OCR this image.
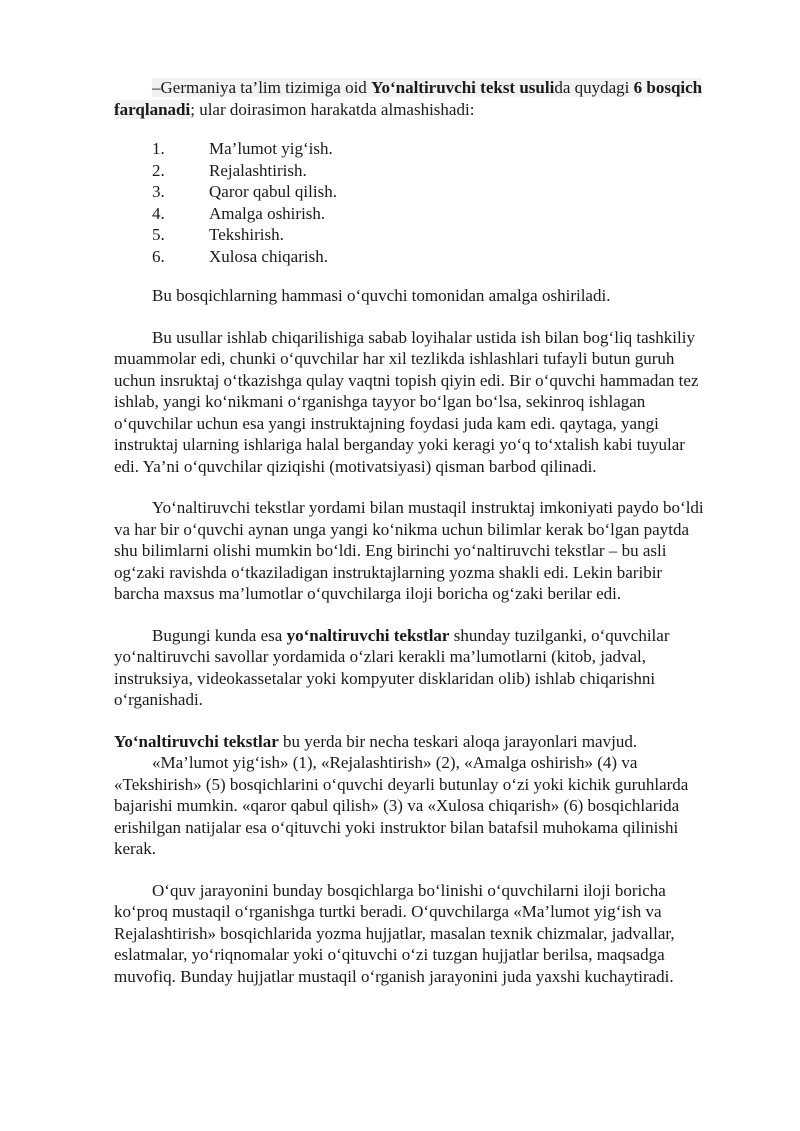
–Germaniya ta’lim tizimiga oid Yo‘naltiruvchi tekst usulida quydagi 6 bosqich farqlanadi; ular doirasimon harakatda almashishadi:

1.	Ma’lumot yig‘ish.
2.	Rejalashtirish.
3.	Qaror qabul qilish.
4.	Amalga oshirish.
5.	Tekshirish.
6.	Xulosa chiqarish.

Bu bosqichlarning hammasi o‘quvchi tomonidan amalga oshiriladi.

Bu usullar ishlab chiqarilishiga sabab loyihalar ustida ish bilan bog‘liq tashkiliy muammolar edi, chunki o‘quvchilar har xil tezlikda ishlashlari tufayli butun guruh uchun insruktaj o‘tkazishga qulay vaqtni topish qiyin edi. Bir o‘quvchi hammadan tez ishlab, yangi ko‘nikmani o‘rganishga tayyor bo‘lgan bo‘lsa, sekinroq ishlagan o‘quvchilar uchun esa yangi instruktajning foydasi juda kam edi. qaytaga, yangi instruktaj ularning ishlariga halal berganday yoki keragi yo‘q to‘xtalish kabi tuyular edi. Ya’ni o‘quvchilar qiziqishi (motivatsiyasi) qisman barbod qilinadi.

Yo‘naltiruvchi tekstlar yordami bilan mustaqil instruktaj imkoniyati paydo bo‘ldi va har bir o‘quvchi aynan unga yangi ko‘nikma uchun bilimlar kerak bo‘lgan paytda shu bilimlarni olishi mumkin bo‘ldi. Eng birinchi yo‘naltiruvchi tekstlar – bu asli og‘zaki ravishda o‘tkaziladigan instruktajlarning yozma shakli edi. Lekin baribir barcha maxsus ma’lumotlar o‘quvchilarga iloji boricha og‘zaki berilar edi.

Bugungi kunda esa yo‘naltiruvchi tekstlar shunday tuzilganki, o‘quvchilar yo‘naltiruvchi savollar yordamida o‘zlari kerakli ma’lumotlarni (kitob, jadval, instruksiya, videokassetalar yoki kompyuter disklaridan olib) ishlab chiqarishni o‘rganishadi.

Yo‘naltiruvchi tekstlar bu yerda bir necha teskari aloqa jarayonlari mavjud.

«Ma’lumot yig‘ish» (1), «Rejalashtirish» (2), «Amalga oshirish» (4) va «Tekshirish» (5) bosqichlarini o‘quvchi deyarli butunlay o‘zi yoki kichik guruhlarda bajarishi mumkin. «qaror qabul qilish» (3) va «Xulosa chiqarish» (6) bosqichlarida erishilgan natijalar esa o‘qituvchi yoki instruktor bilan batafsil muhokama qilinishi kerak.

O‘quv jarayonini bunday bosqichlarga bo‘linishi o‘quvchilarni iloji boricha ko‘proq mustaqil o‘rganishga turtki beradi. O‘quvchilarga «Ma’lumot yig‘ish va Rejalashtirish» bosqichlarida yozma hujjatlar, masalan texnik chizmalar, jadvallar, eslatmalar, yo‘riqnomalar yoki o‘qituvchi o‘zi tuzgan hujjatlar berilsa, maqsadga muvofiq. Bunday hujjatlar mustaqil o‘rganish jarayonini juda yaxshi kuchaytiradi.
